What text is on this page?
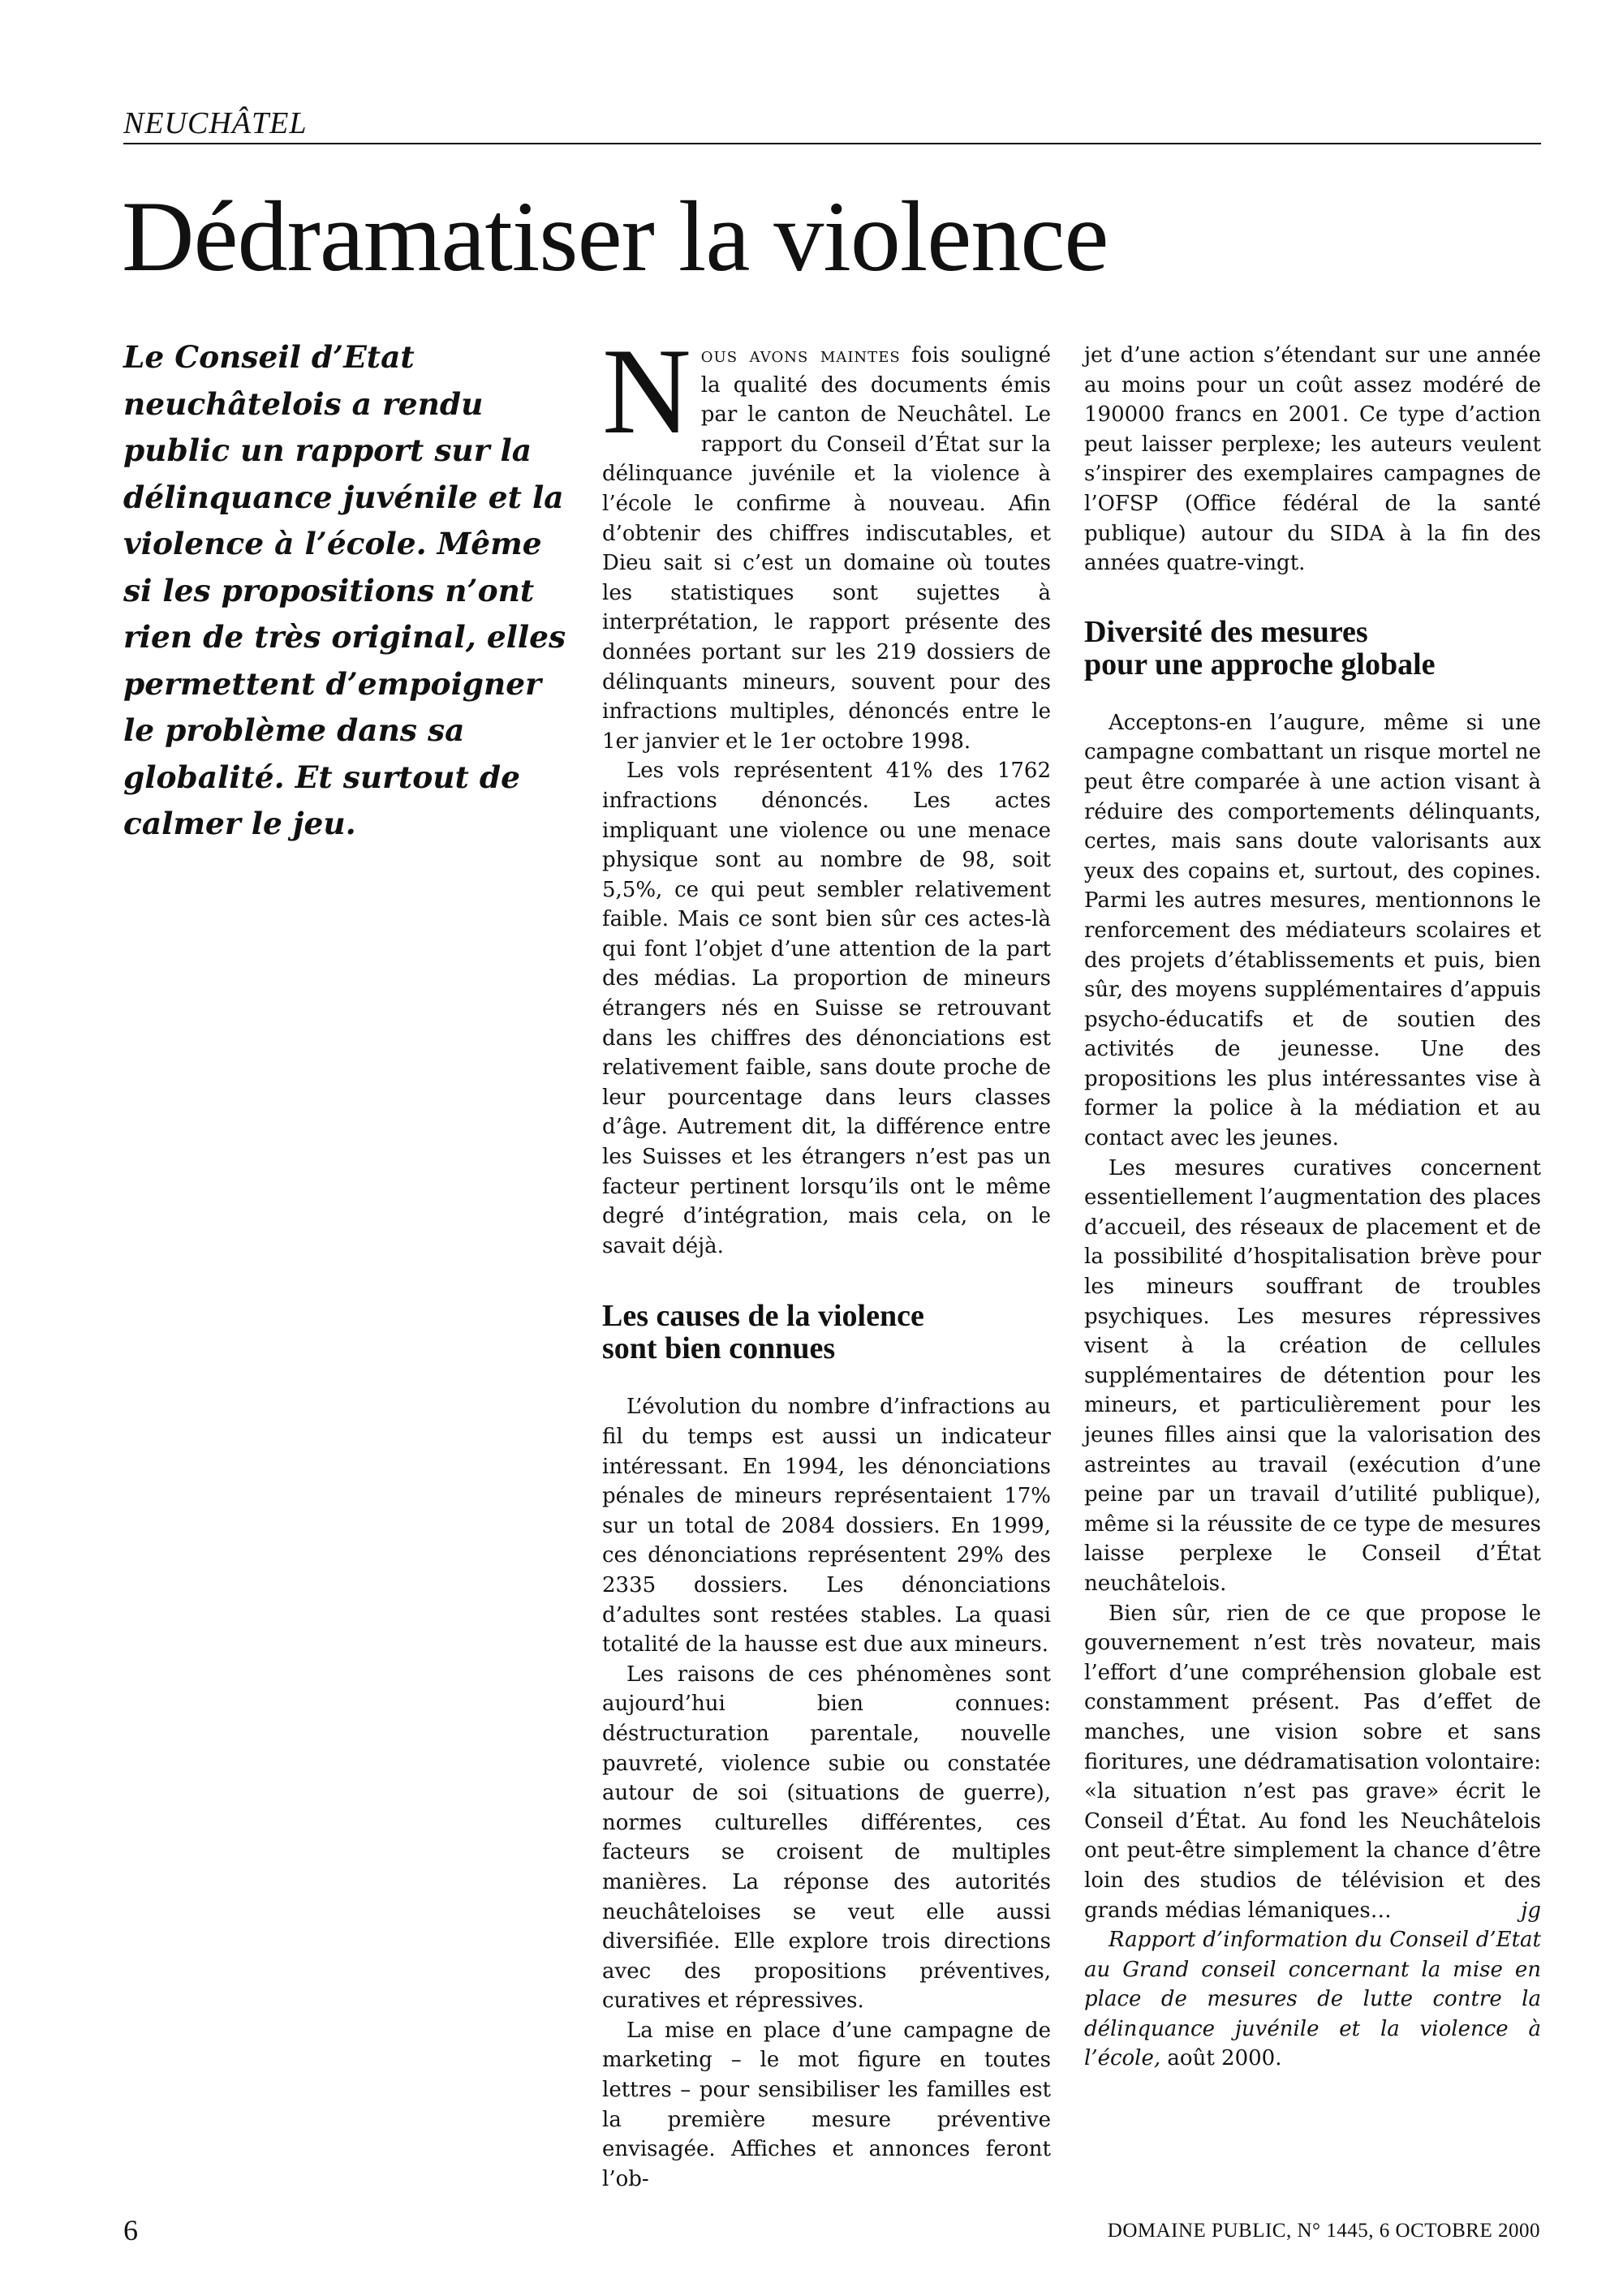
NEUCHÂTEL
Dédramatiser la violence
Le Conseil d’Etat neuchâtelois a rendu public un rapport sur la délinquance juvénile et la violence à l’école. Même si les propositions n’ont rien de très original, elles permettent d’empoigner le problème dans sa globalité. Et surtout de calmer le jeu.

Nous avons maintes fois souligné la qualité des documents émis par le canton de Neuchâtel. Le rapport du Conseil d’État sur la délinquance juvénile et la violence à l’école le confirme à nouveau. Afin d’obtenir des chiffres indiscutables, et Dieu sait si c’est un domaine où toutes les statistiques sont sujettes à interprétation, le rapport présente des données portant sur les 219 dossiers de délinquants mineurs, souvent pour des infractions multiples, dénoncés entre le 1er janvier et le 1er octobre 1998.

Les vols représentent 41% des 1762 infractions dénoncés. Les actes impliquant une violence ou une menace physique sont au nombre de 98, soit 5,5%, ce qui peut sembler relativement faible. Mais ce sont bien sûr ces actes-là qui font l’objet d’une attention de la part des médias. La proportion de mineurs étrangers nés en Suisse se retrouvant dans les chiffres des dénonciations est relativement faible, sans doute proche de leur pourcentage dans leurs classes d’âge. Autrement dit, la différence entre les Suisses et les étrangers n’est pas un facteur pertinent lorsqu’ils ont le même degré d’intégration, mais cela, on le savait déjà.

Les causes de la violence
sont bien connues

L’évolution du nombre d’infractions au fil du temps est aussi un indicateur intéressant. En 1994, les dénonciations pénales de mineurs représentaient 17% sur un total de 2084 dossiers. En 1999, ces dénonciations représentent 29% des 2335 dossiers. Les dénonciations d’adultes sont restées stables. La quasi totalité de la hausse est due aux mineurs.

Les raisons de ces phénomènes sont aujourd’hui bien connues: déstructuration parentale, nouvelle pauvreté, violence subie ou constatée autour de soi (situations de guerre), normes culturelles différentes, ces facteurs se croisent de multiples manières. La réponse des autorités neuchâteloises se veut elle aussi diversifiée. Elle explore trois directions avec des propositions préventives, curatives et répressives.

La mise en place d’une campagne de marketing – le mot figure en toutes lettres – pour sensibiliser les familles est la première mesure préventive envisagée. Affiches et annonces feront l’ob-

jet d’une action s’étendant sur une année au moins pour un coût assez modéré de 190000 francs en 2001. Ce type d’action peut laisser perplexe; les auteurs veulent s’inspirer des exemplaires campagnes de l’OFSP (Office fédéral de la santé publique) autour du SIDA à la fin des années quatre-vingt.

Diversité des mesures
pour une approche globale

Acceptons-en l’augure, même si une campagne combattant un risque mortel ne peut être comparée à une action visant à réduire des comportements délinquants, certes, mais sans doute valorisants aux yeux des copains et, surtout, des copines. Parmi les autres mesures, mentionnons le renforcement des médiateurs scolaires et des projets d’établissements et puis, bien sûr, des moyens supplémentaires d’appuis psycho-éducatifs et de soutien des activités de jeunesse. Une des propositions les plus intéressantes vise à former la police à la médiation et au contact avec les jeunes.

Les mesures curatives concernent essentiellement l’augmentation des places d’accueil, des réseaux de placement et de la possibilité d’hospitalisation brève pour les mineurs souffrant de troubles psychiques. Les mesures répressives visent à la création de cellules supplémentaires de détention pour les mineurs, et particulièrement pour les jeunes filles ainsi que la valorisation des astreintes au travail (exécution d’une peine par un travail d’utilité publique), même si la réussite de ce type de mesures laisse perplexe le Conseil d’État neuchâtelois.

Bien sûr, rien de ce que propose le gouvernement n’est très novateur, mais l’effort d’une compréhension globale est constamment présent. Pas d’effet de manches, une vision sobre et sans fioritures, une dédramatisation volontaire: «la situation n’est pas grave» écrit le Conseil d’État. Au fond les Neuchâtelois ont peut-être simplement la chance d’être loin des studios de télévision et des grands médias lémaniques…	jg

Rapport d’information du Conseil d’Etat au Grand conseil concernant la mise en place de mesures de lutte contre la délinquance juvénile et la violence à l’école, août 2000.

6	DOMAINE PUBLIC, N° 1445, 6 OCTOBRE 2000
